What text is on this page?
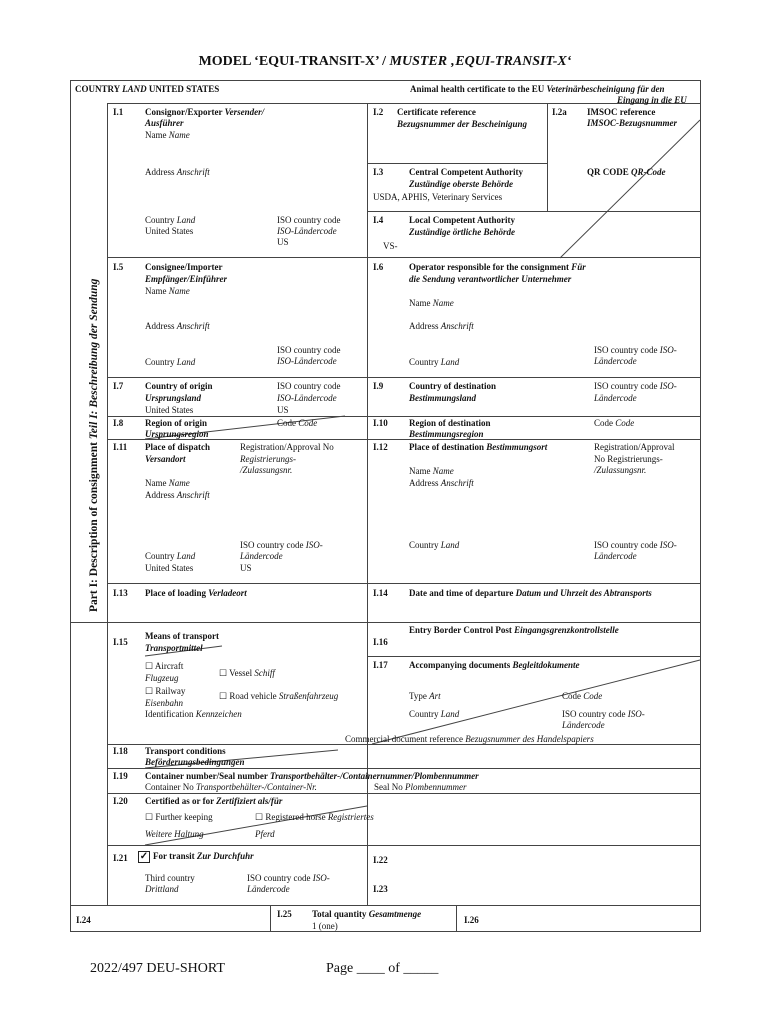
MODEL ‘EQUI-TRANSIT-X’ / MUSTER ‚EQUI-TRANSIT-X‘
Part I: Description of consignment Teil I: Beschreibung der Sendung
COUNTRY LAND UNITED STATES	Animal health certificate to the EU Veterinärbescheinigung für den
Eingang in die EU
I.1 Consignor/Exporter Versender/
Ausführer
Name Name
Address Anschrift
Country Land
United States
ISO country code
ISO-Ländercode
US
I.2 Certificate reference
Bezugsnummer der Bescheinigung
I.2a IMSOC reference
IMSOC-Bezugsnummer
QR CODE QR-Code
I.3	Central Competent Authority
Zuständige oberste Behörde
USDA, APHIS, Veterinary Services
I.4	Local Competent Authority
Zuständige örtliche Behörde
VS-
I.5 Consignee/Importer
Empfänger/Einführer
Name Name
Address Anschrift
ISO country code
ISO-Ländercode
Country Land
I.6	Operator responsible for the consignment Für
die Sendung verantwortlicher Unternehmer
Name Name
Address Anschrift
ISO country code ISO-
Ländercode
Country Land
I.7 Country of origin
Ursprungsland
United States
ISO country code
ISO-Ländercode
US
I.9	Country of destination
Bestimmungsland
ISO country code ISO-
Ländercode
I.8 Region of origin
Ursprungsregion
Code Code	I.10 Region of destination
Bestimmungsregion
Code Code
I.11 Place of dispatch
Versandort
Registration/Approval No
Registrierungs-
/Zulassungsnr.
Name Name
Address Anschrift
ISO country code ISO-
Ländercode
US
Country Land
United States
I.12 Place of destination Bestimmungsort	Registration/Approval
No Registrierungs-
/Zulassungsnr.
Name Name
Address Anschrift
Country Land	ISO country code ISO-
Ländercode
I.13 Place of loading Verladeort	I.14 Date and time of departure Datum und Uhrzeit des Abtransports
I.15
Means of transport
Transportmittel
☐ Aircraft
Flugzeug	☐ Vessel Schiff
☐ Railway
Eisenbahn
☐ Road vehicle Straßenfahrzeug
Identification Kennzeichen
I.16
Entry Border Control Post Eingangsgrenzkontrollstelle
I.17 Accompanying documents Begleitdokumente
Type Art	Code Code
Country Land	ISO country code ISO-
Ländercode
Commercial document reference Bezugsnummer des Handelspapiers
I.18 Transport conditions
Beförderungsbedingungen
I.19 Container number/Seal number Transportbehälter-/Containernummer/Plombennummer
Container No Transportbehälter-/Container-Nr.	Seal No Plombennummer
I.20 Certified as or for Zertifiziert als/für
☐ Further keeping
Weitere Haltung
☐ Registered horse Registriertes
Pferd
I.21 ✓ For transit Zur Durchfuhr
Third country
Drittland
ISO country code ISO-
Ländercode
I.22
I.23
I.24
I.25 Total quantity Gesamtmenge
1 (one)
I.26
2022/497 DEU-SHORT	Page ____ of _____
